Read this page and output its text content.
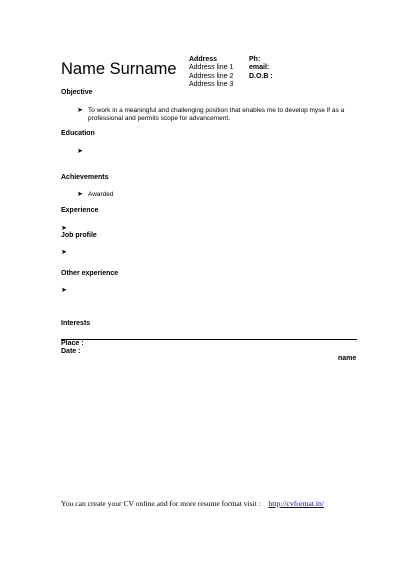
Name Surname
Address
Address line 1
Address line 2
Address line 3
Ph:
email:
D.O.B :
Objective
➤ To work in a meaningful and challenging position that enables me to develop myse lf as a professional and permits scope for advancement.
Education
➤
Achievements
➤ Awarded
Experience
➤
Job profile
➤
Other experience
➤
Interests
Place :
Date :
name
You can create your CV online and for more resume format visit : http://cvformat.in/
